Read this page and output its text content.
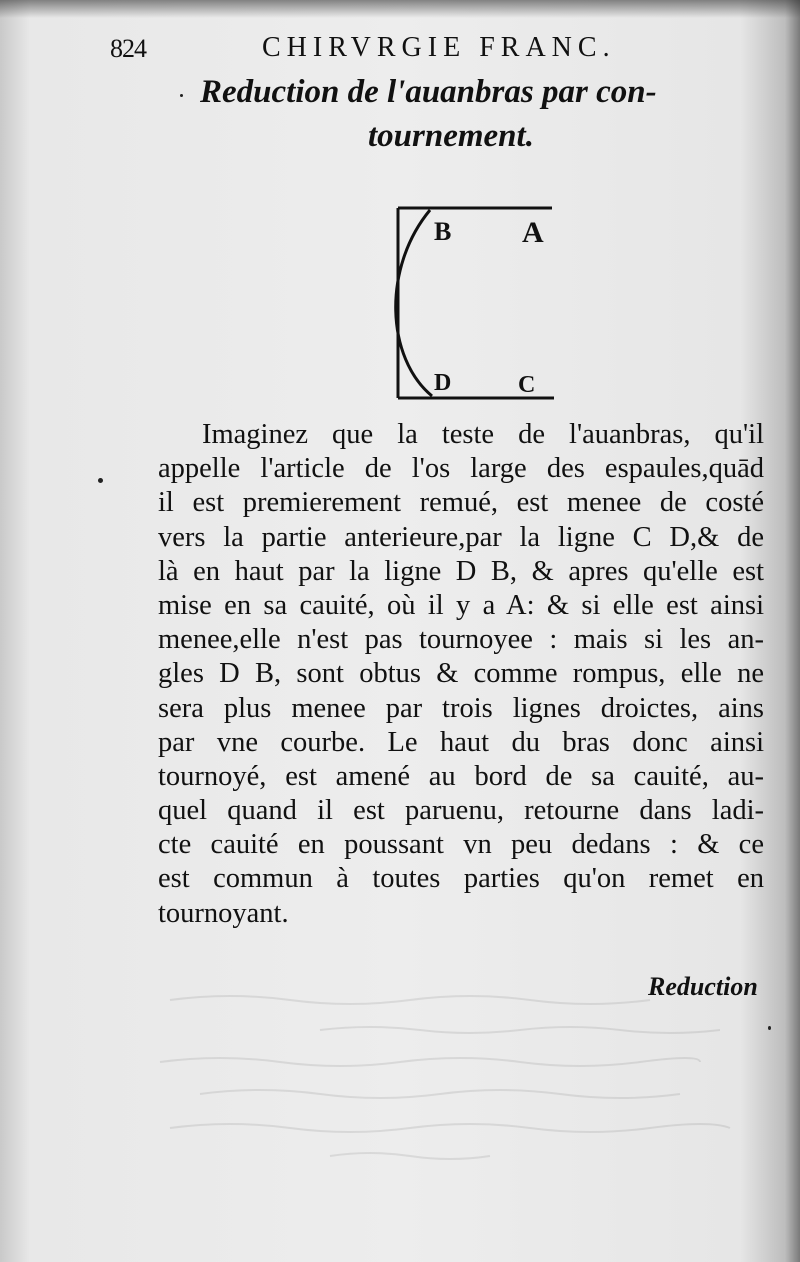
824	CHIRVRGIE FRANC.
Reduction de l'auanbras par con-
tournement.
B A
D	C
Imaginez que la teste de l'auanbras, qu'il
appelle l'article de l'os large des espaules,quād
il est premierement remué, est menee de costé
vers la partie anterieure,par la ligne C D,& de
là en haut par la ligne D B, & apres qu'elle est
mise en sa cauité, où il y a A: & si elle est ainsi
menee,elle n'est pas tournoyee : mais si les an-
gles D B, sont obtus & comme rompus, elle ne
sera plus menee par trois lignes droictes, ains
par vne courbe. Le haut du bras donc ainsi
tournoyé, est amené au bord de sa cauité, au-
quel quand il est paruenu, retourne dans ladi-
cte cauité en poussant vn peu dedans : & ce
est commun à toutes parties qu'on remet en
tournoyant.
Reduction
